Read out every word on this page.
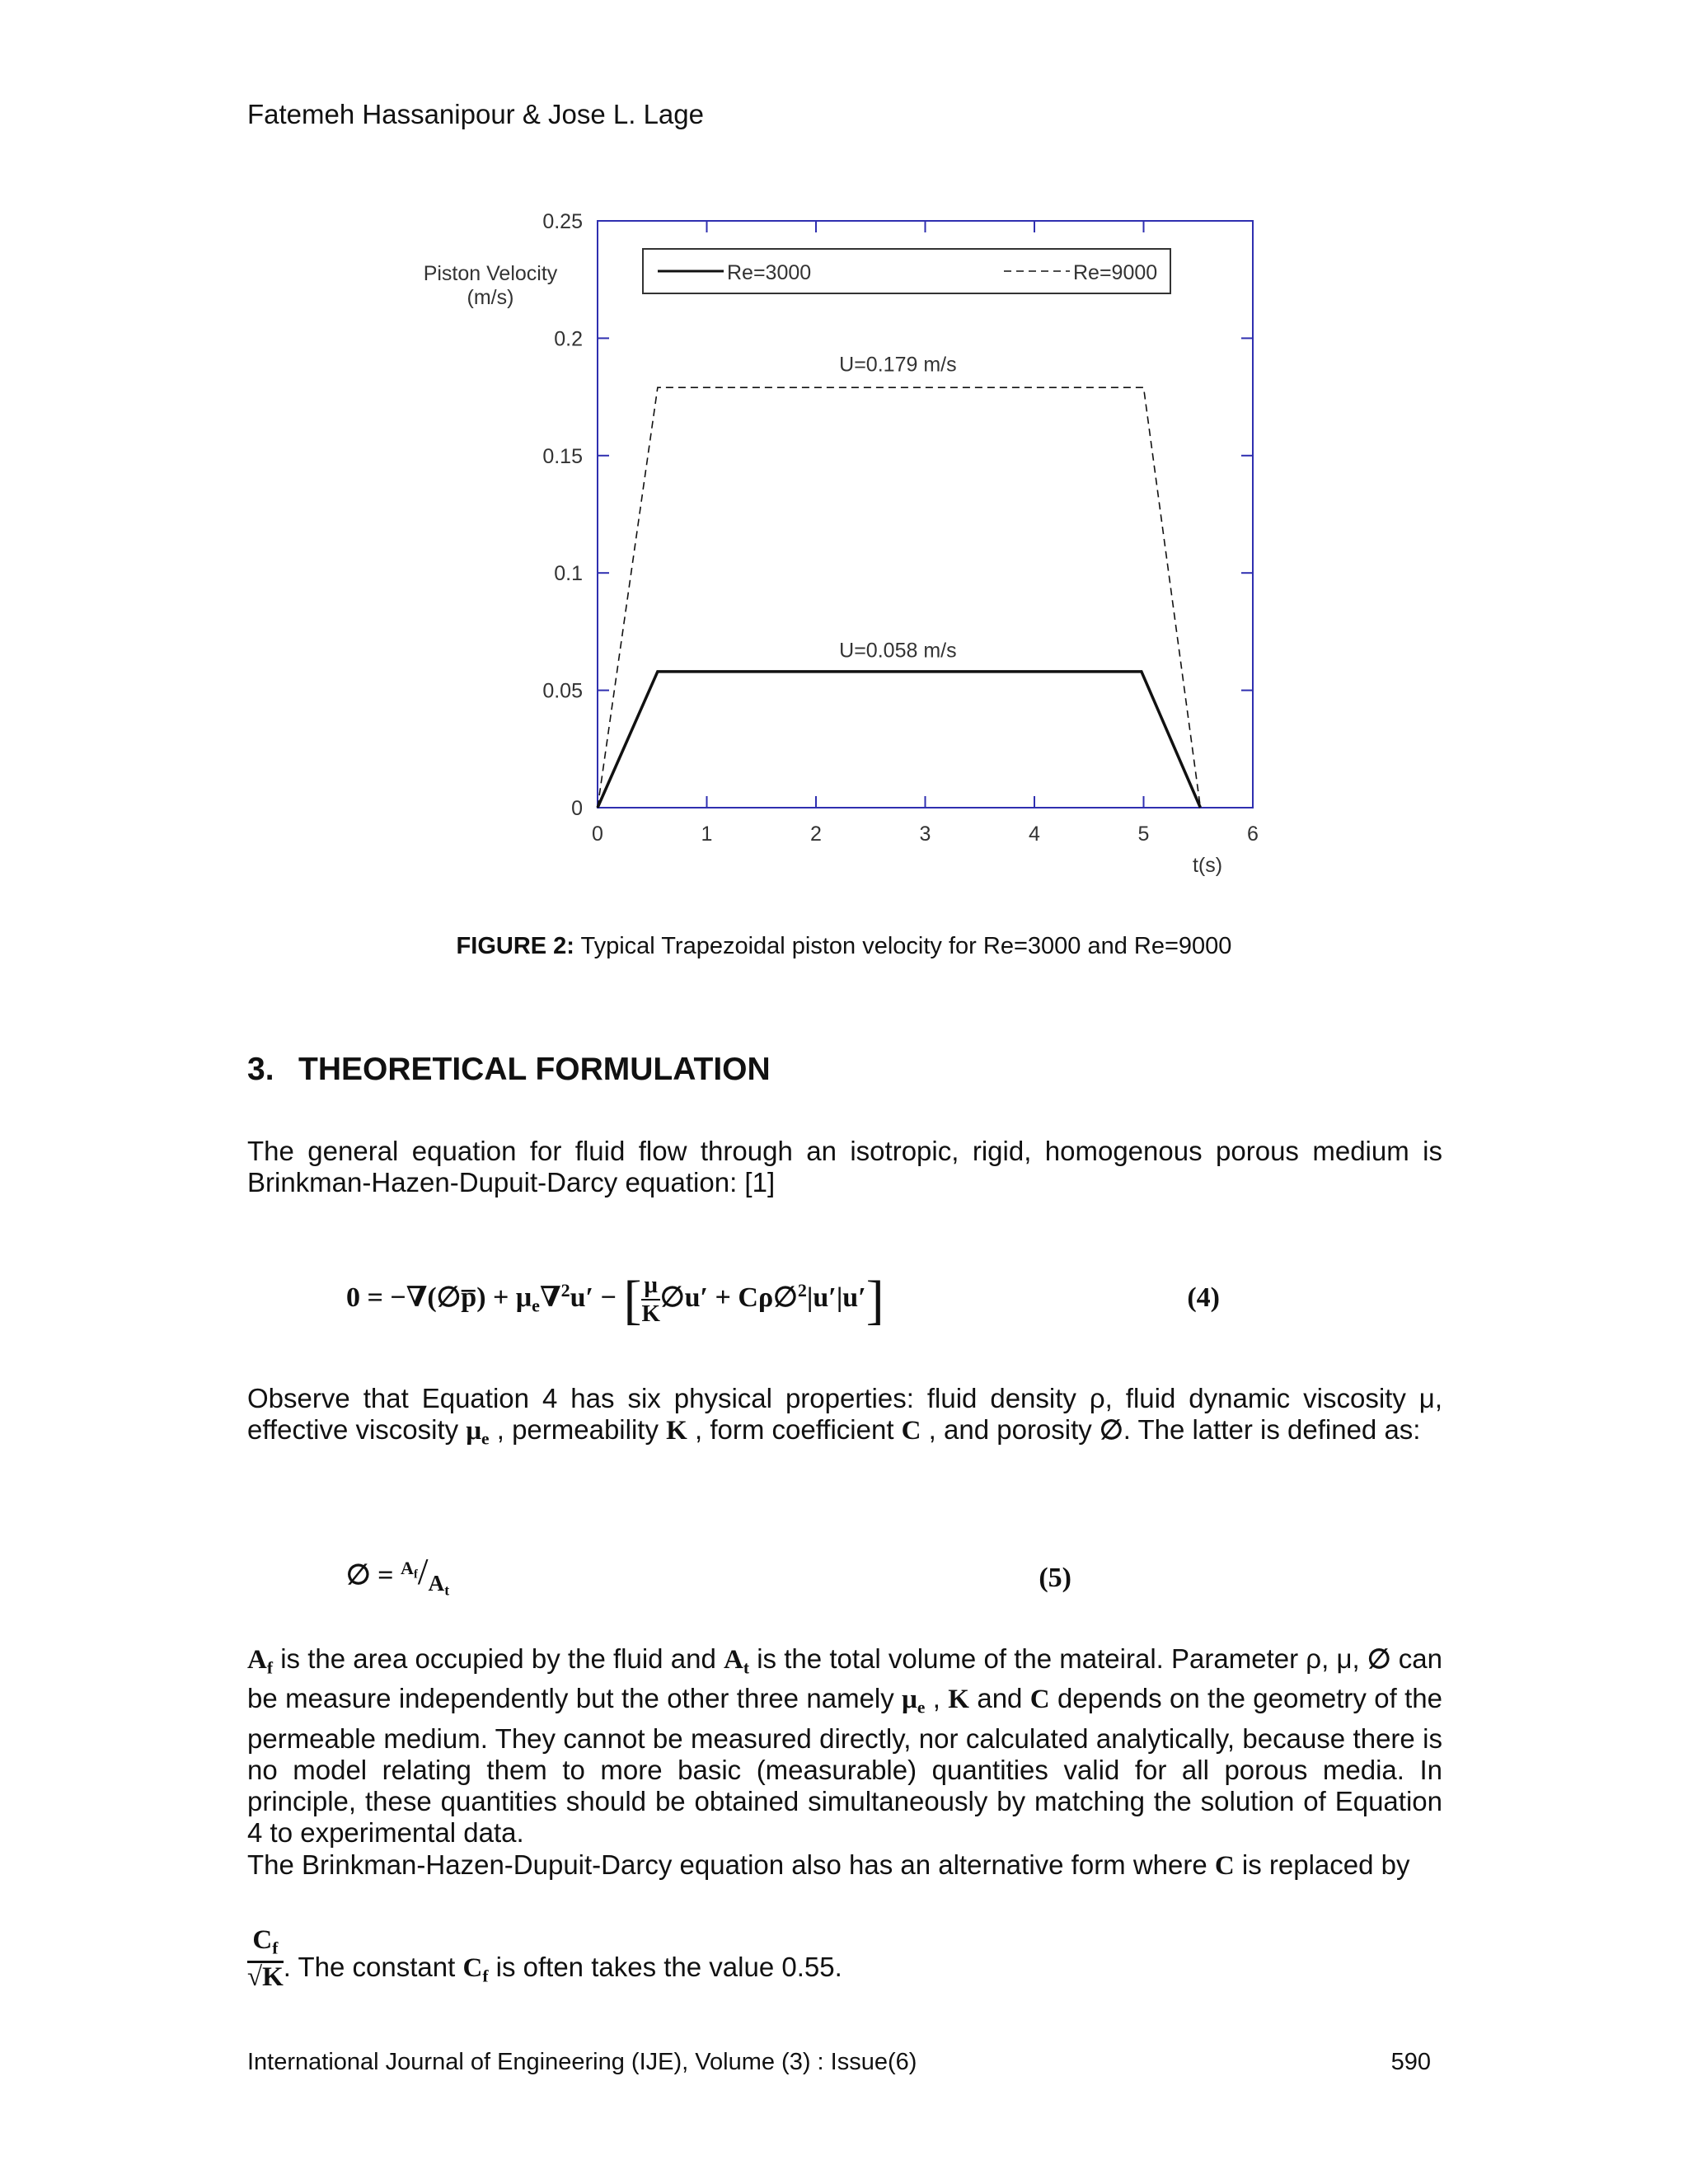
Fatemeh Hassanipour & Jose L. Lage
0	1	2	3	4	5	6
0
0.05
0.1
0.15
0.2
0.25
Piston Velocity
(m/s)
t(s)
U=0.179 m/s
U=0.058 m/s
Re=3000	Re=9000
FIGURE 2: Typical Trapezoidal piston velocity for Re=3000 and Re=9000
3. THEORETICAL FORMULATION
The general equation for fluid flow through an isotropic, rigid, homogenous porous medium is Brinkman-Hazen-Dupuit-Darcy equation: [1]
0 = −∇(∅p̅) + $\mu_e\nabla^2u'$ − [ $\frac{\mu}{K}$ ∅u′ + Cρ∅$^2$|u′|u′]	(4)
Observe that Equation 4 has six physical properties: fluid density ρ, fluid dynamic viscosity μ, effective viscosity $\mu_e$ , permeability K , form coefficient C , and porosity ∅. The latter is defined as:
∅ = $^{A_f}/_{A_t}$	(5)
$A_f$ is the area occupied by the fluid and $A_t$ is the total volume of the mateiral. Parameter ρ, μ, ∅ can be measure independently but the other three namely $\mu_e$ , K and C depends on the geometry of the permeable medium. They cannot be measured directly, nor calculated analytically, because there is no model relating them to more basic (measurable) quantities valid for all porous media. In principle, these quantities should be obtained simultaneously by matching the solution of Equation 4 to experimental data.
The Brinkman-Hazen-Dupuit-Darcy equation also has an alternative form where C is replaced by
$\frac{C_f}{√K}$ . The constant $C_f$ is often takes the value 0.55.
International Journal of Engineering (IJE), Volume (3) : Issue(6)	590
